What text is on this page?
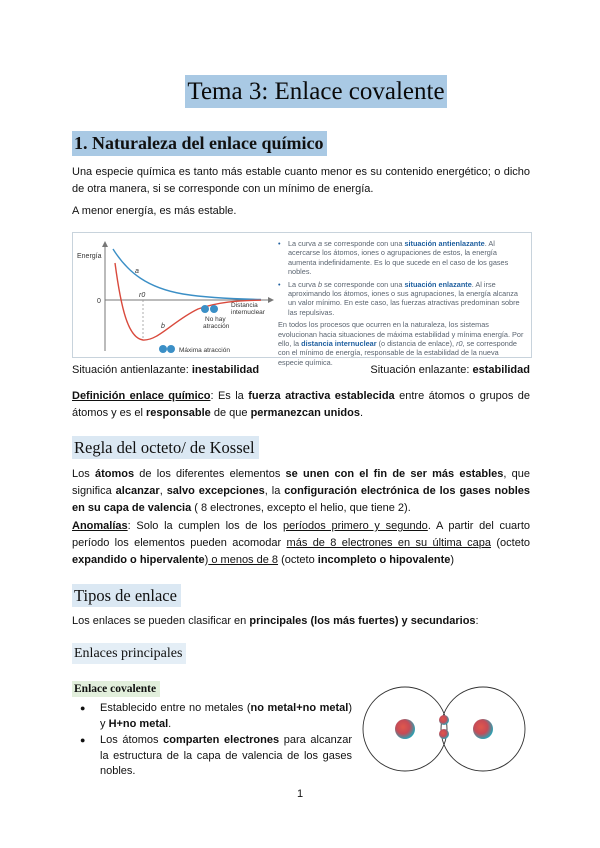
Tema 3: Enlace covalente
1. Naturaleza del enlace químico
Una especie química es tanto más estable cuanto menor es su contenido energético; o dicho de otra manera, si se corresponde con un mínimo de energía.
A menor energía, es más estable.
Energía
0
a
b
r0
Distancia
internuclear
No hay
atracción
Máxima atracción
• La curva a se corresponde con una situación antienlazante. Al acercarse los átomos, iones o agrupaciones de estos, la energía aumenta indefinidamente. Es lo que sucede en el caso de los gases nobles.
• La curva b se corresponde con una situación enlazante. Al irse aproximando los átomos, iones o sus agrupaciones, la energía alcanza un valor mínimo. En este caso, las fuerzas atractivas predominan sobre las repulsivas.
En todos los procesos que ocurren en la naturaleza, los sistemas evolucionan hacia situaciones de máxima estabilidad y mínima energía. Por ello, la distancia internuclear (o distancia de enlace), r0, se corresponde con el mínimo de energía, responsable de la estabilidad de la nueva especie química.
Situación antienlazante: inestabilidad	Situación enlazante: estabilidad
Definición enlace químico: Es la fuerza atractiva establecida entre átomos o grupos de átomos y es el responsable de que permanezcan unidos.
Regla del octeto/ de Kossel
Los átomos de los diferentes elementos se unen con el fin de ser más estables, que significa alcanzar, salvo excepciones, la configuración electrónica de los gases nobles en su capa de valencia ( 8 electrones, excepto el helio, que tiene 2).
Anomalías: Solo la cumplen los de los períodos primero y segundo. A partir del cuarto período los elementos pueden acomodar más de 8 electrones en su última capa (octeto expandido o hipervalente) o menos de 8 (octeto incompleto o hipovalente)
Tipos de enlace
Los enlaces se pueden clasificar en principales (los más fuertes) y secundarios:
Enlaces principales
Enlace covalente
● Establecido entre no metales (no metal+no metal) y H+no metal.
● Los átomos comparten electrones para alcanzar la estructura de la capa de valencia de los gases nobles.
1
